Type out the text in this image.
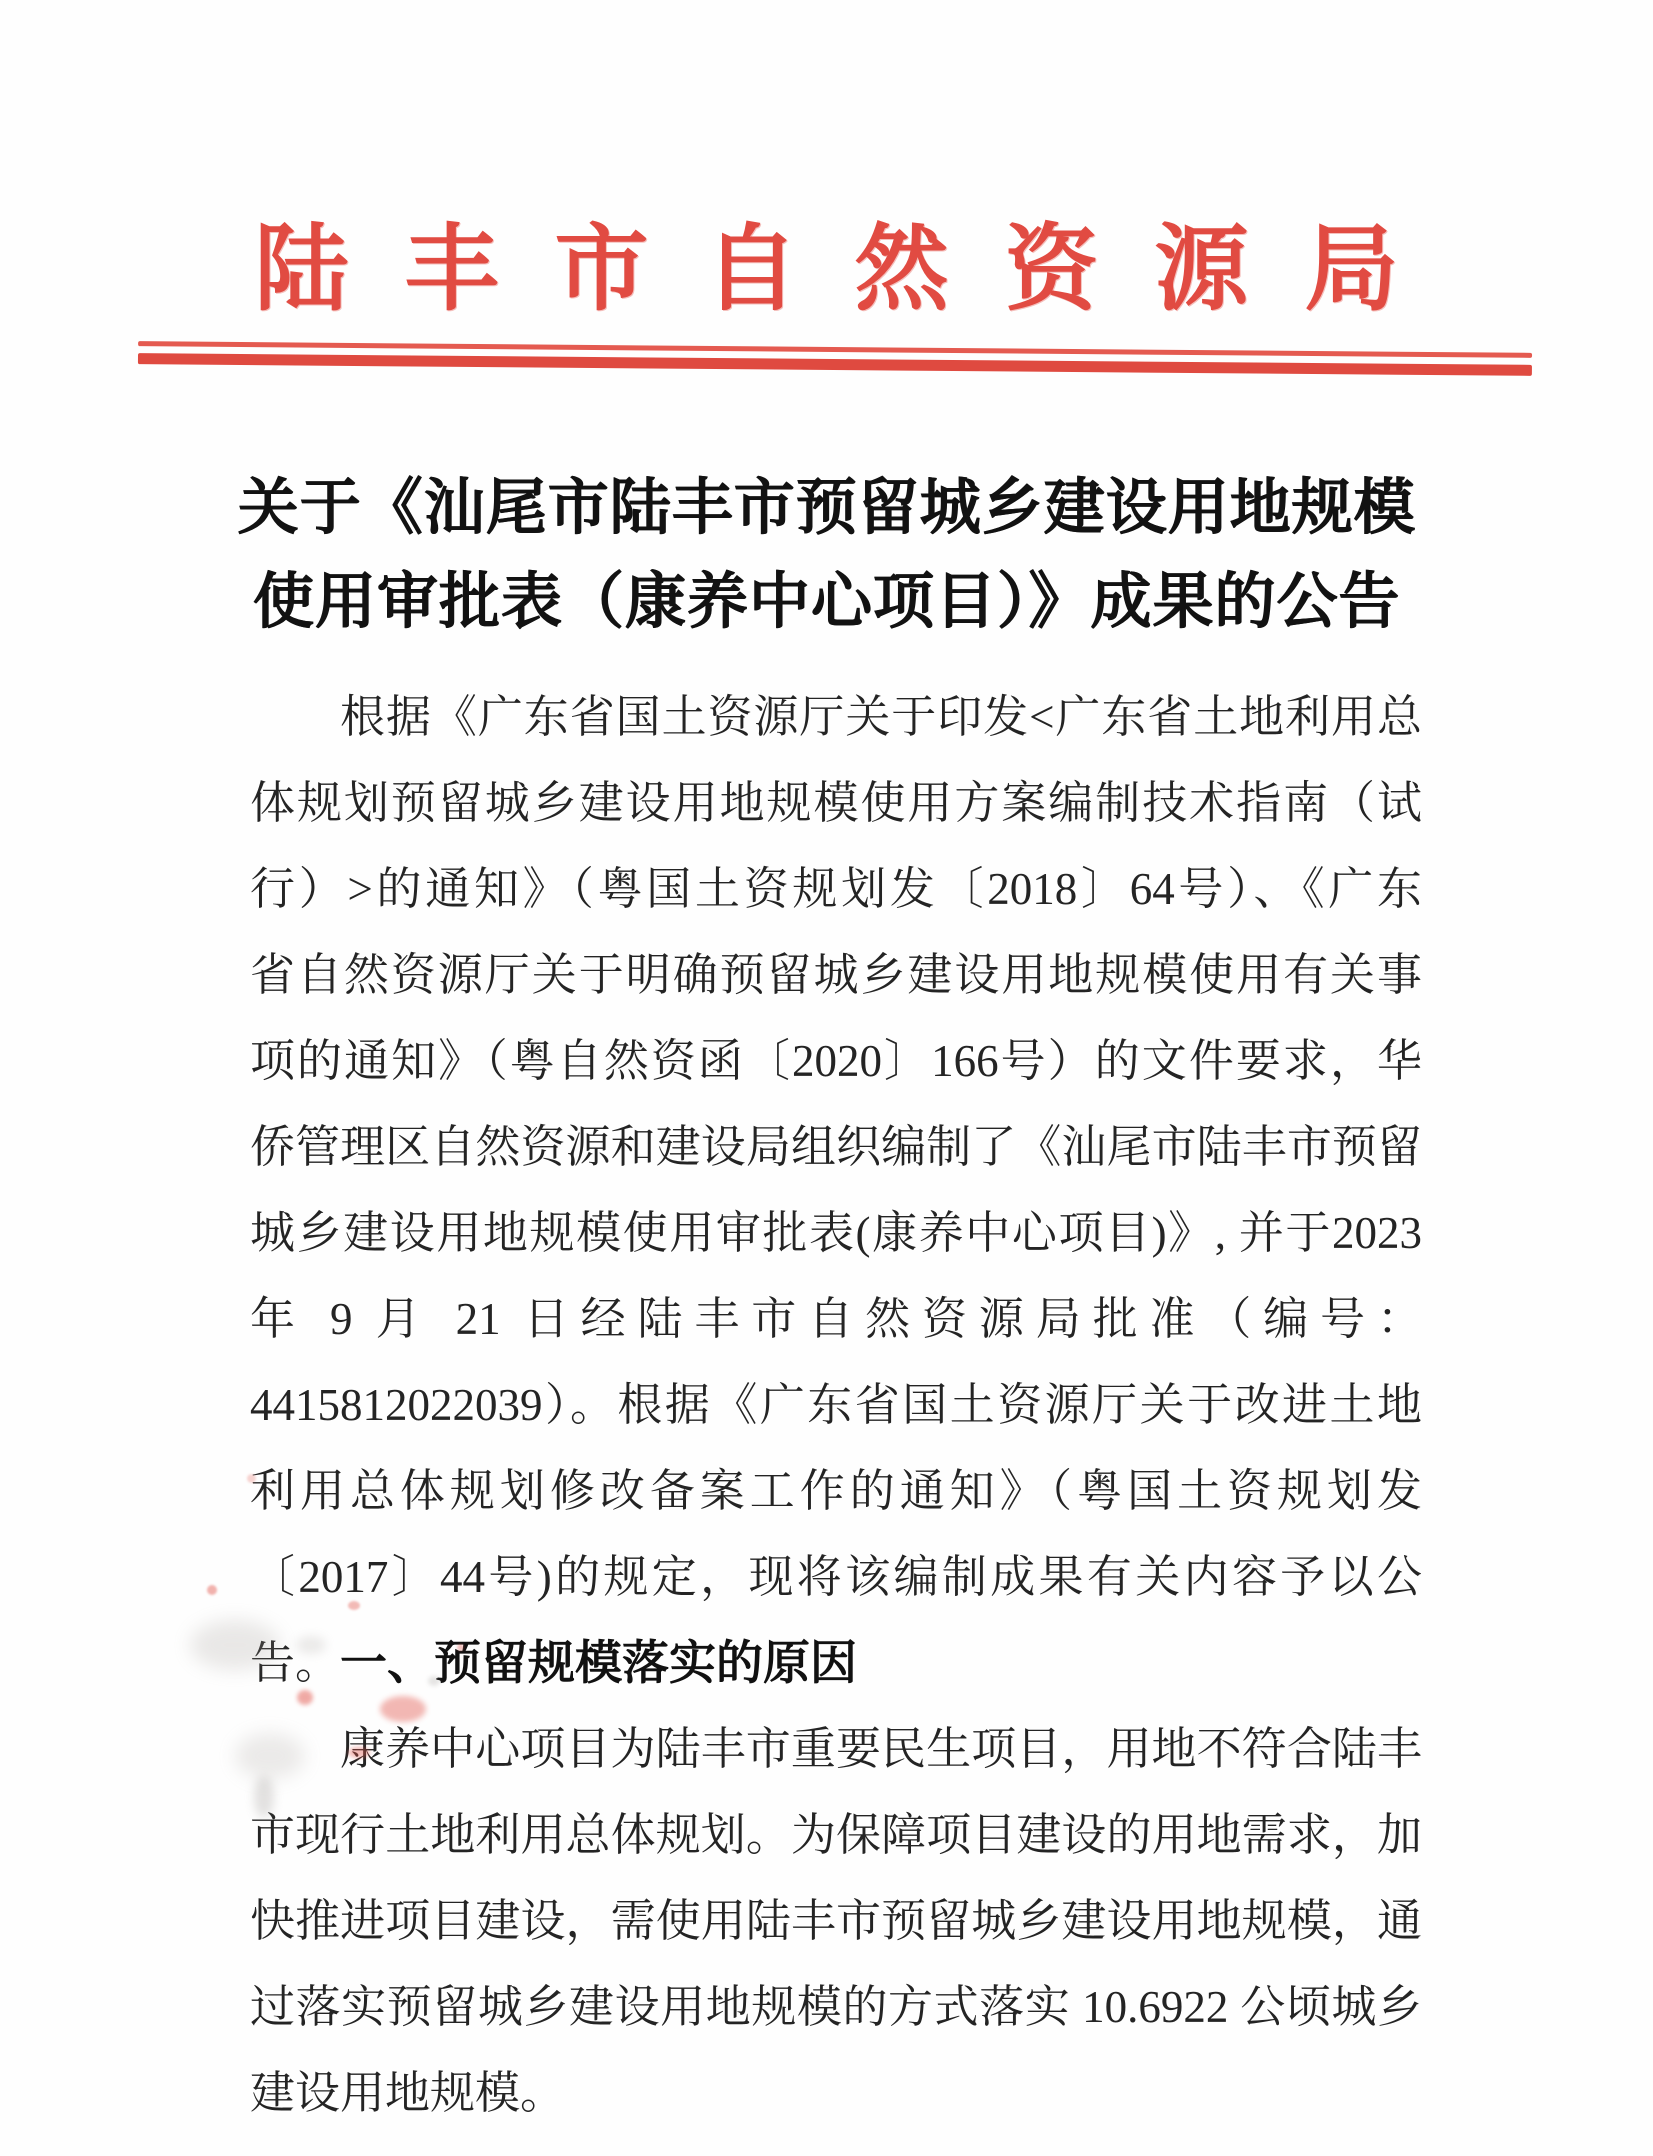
陆丰市自然资源局
关于《汕尾市陆丰市预留城乡建设用地规模
使用审批表（康养中心项目）》成果的公告
根据《广东省国土资源厅关于印发<广东省土地利用总
体规划预留城乡建设用地规模使用方案编制技术指南（试
行）>的通知》（粤国土资规划发〔2018〕64号）、《广东
省自然资源厅关于明确预留城乡建设用地规模使用有关事
项的通知》（粤自然资函〔2020〕166号）的文件要求，华
侨管理区自然资源和建设局组织编制了《汕尾市陆丰市预留
城乡建设用地规模使用审批表(康养中心项目)》, 并于2023
年 9 月 21 日经陆丰市自然资源局批准（编号：
4415812022039）。根据《广东省国土资源厅关于改进土地
利用总体规划修改备案工作的通知》（粤国土资规划发
〔2017〕44号)的规定，现将该编制成果有关内容予以公告。 一、预留规模落实的原因
康养中心项目为陆丰市重要民生项目，用地不符合陆丰
市现行土地利用总体规划。为保障项目建设的用地需求，加
快推进项目建设，需使用陆丰市预留城乡建设用地规模，通
过落实预留城乡建设用地规模的方式落实 10.6922 公顷城乡
建设用地规模。
